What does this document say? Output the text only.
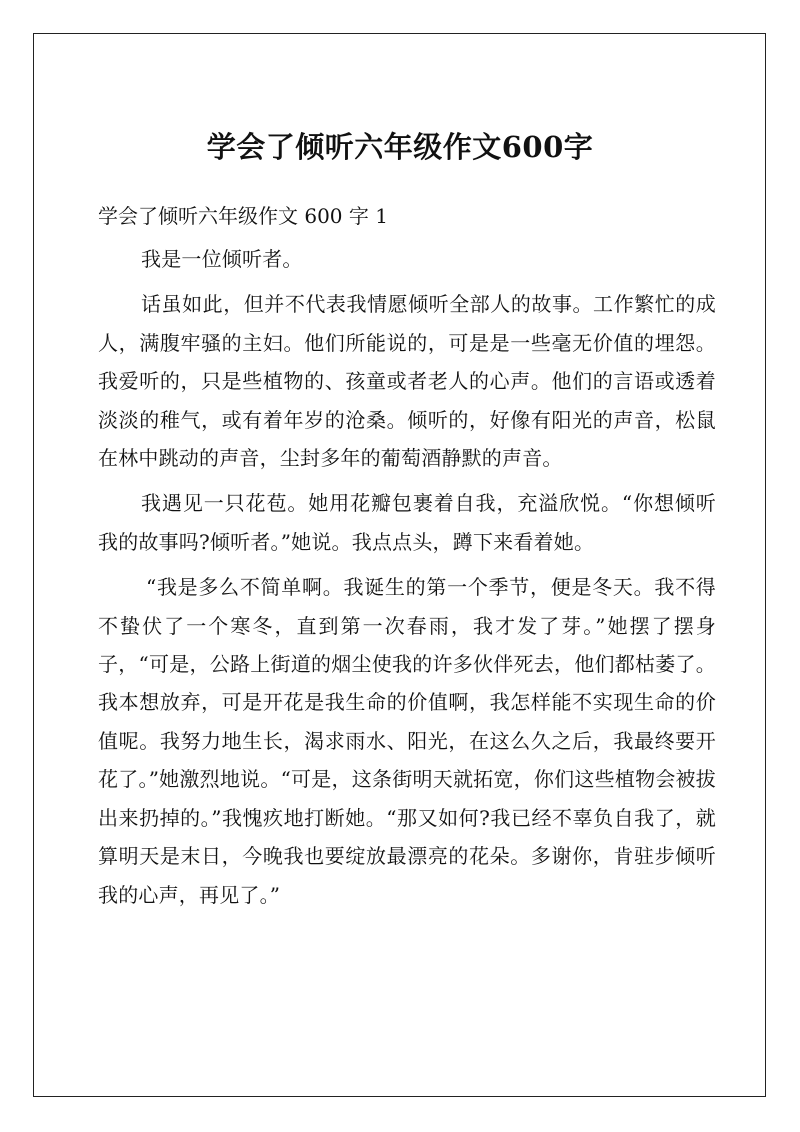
学会了倾听六年级作文600字
学会了倾听六年级作文 600 字 1

我是一位倾听者。

话虽如此，但并不代表我情愿倾听全部人的故事。工作繁忙的成人，满腹牢骚的主妇。他们所能说的，可是是一些毫无价值的埋怨。我爱听的，只是些植物的、孩童或者老人的心声。他们的言语或透着淡淡的稚气，或有着年岁的沧桑。倾听的，好像有阳光的声音，松鼠在林中跳动的声音，尘封多年的葡萄酒静默的声音。

我遇见一只花苞。她用花瓣包裹着自我，充溢欣悦。“你想倾听我的故事吗?倾听者。”她说。我点点头，蹲下来看着她。

“我是多么不简单啊。我诞生的第一个季节，便是冬天。我不得不蛰伏了一个寒冬，直到第一次春雨，我才发了芽。”她摆了摆身子，“可是，公路上街道的烟尘使我的许多伙伴死去，他们都枯萎了。我本想放弃，可是开花是我生命的价值啊，我怎样能不实现生命的价值呢。我努力地生长，渴求雨水、阳光，在这么久之后，我最终要开花了。”她激烈地说。“可是，这条街明天就拓宽，你们这些植物会被拔出来扔掉的。”我愧疚地打断她。“那又如何?我已经不辜负自我了，就算明天是末日，今晚我也要绽放最漂亮的花朵。多谢你，肯驻步倾听我的心声，再见了。”
